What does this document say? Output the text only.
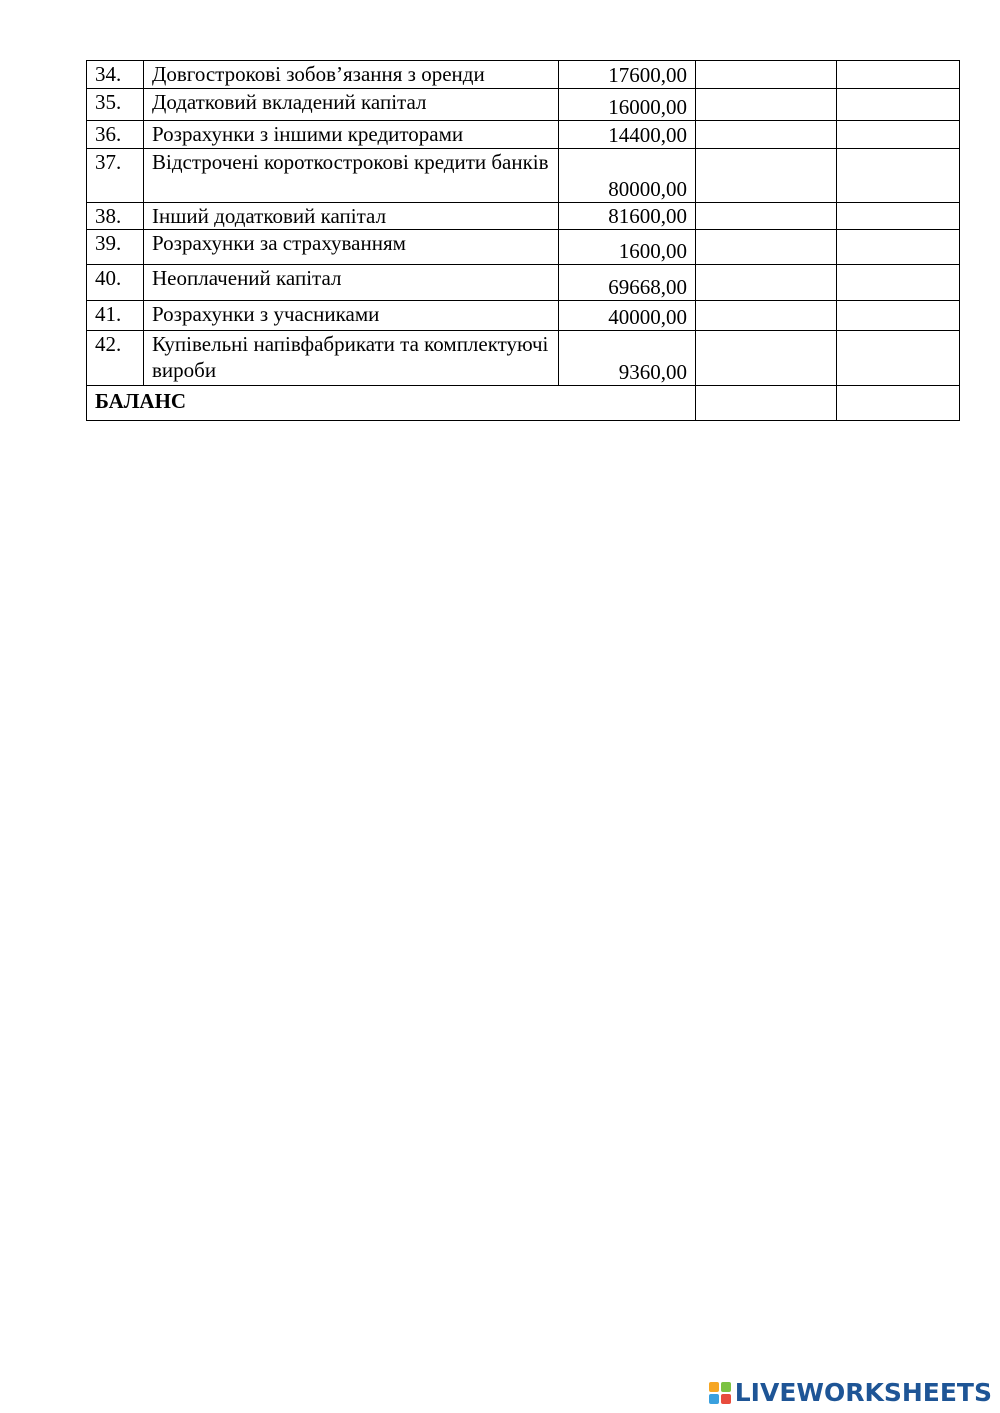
34.	Довгострокові зобов’язання з оренди	17600,00		
35.	Додатковий вкладений капітал	16000,00		
36.	Розрахунки з іншими кредиторами	14400,00		
37.	Відстрочені короткострокові кредити банків	80000,00		
38.	Інший додатковий капітал	81600,00		
39.	Розрахунки за страхуванням	1600,00		
40.	Неоплачений капітал	69668,00		
41.	Розрахунки з учасниками	40000,00		
42.	Купівельні напівфабрикати та комплектуючі вироби	9360,00		
БАЛАНС				
LIVEWORKSHEETS
